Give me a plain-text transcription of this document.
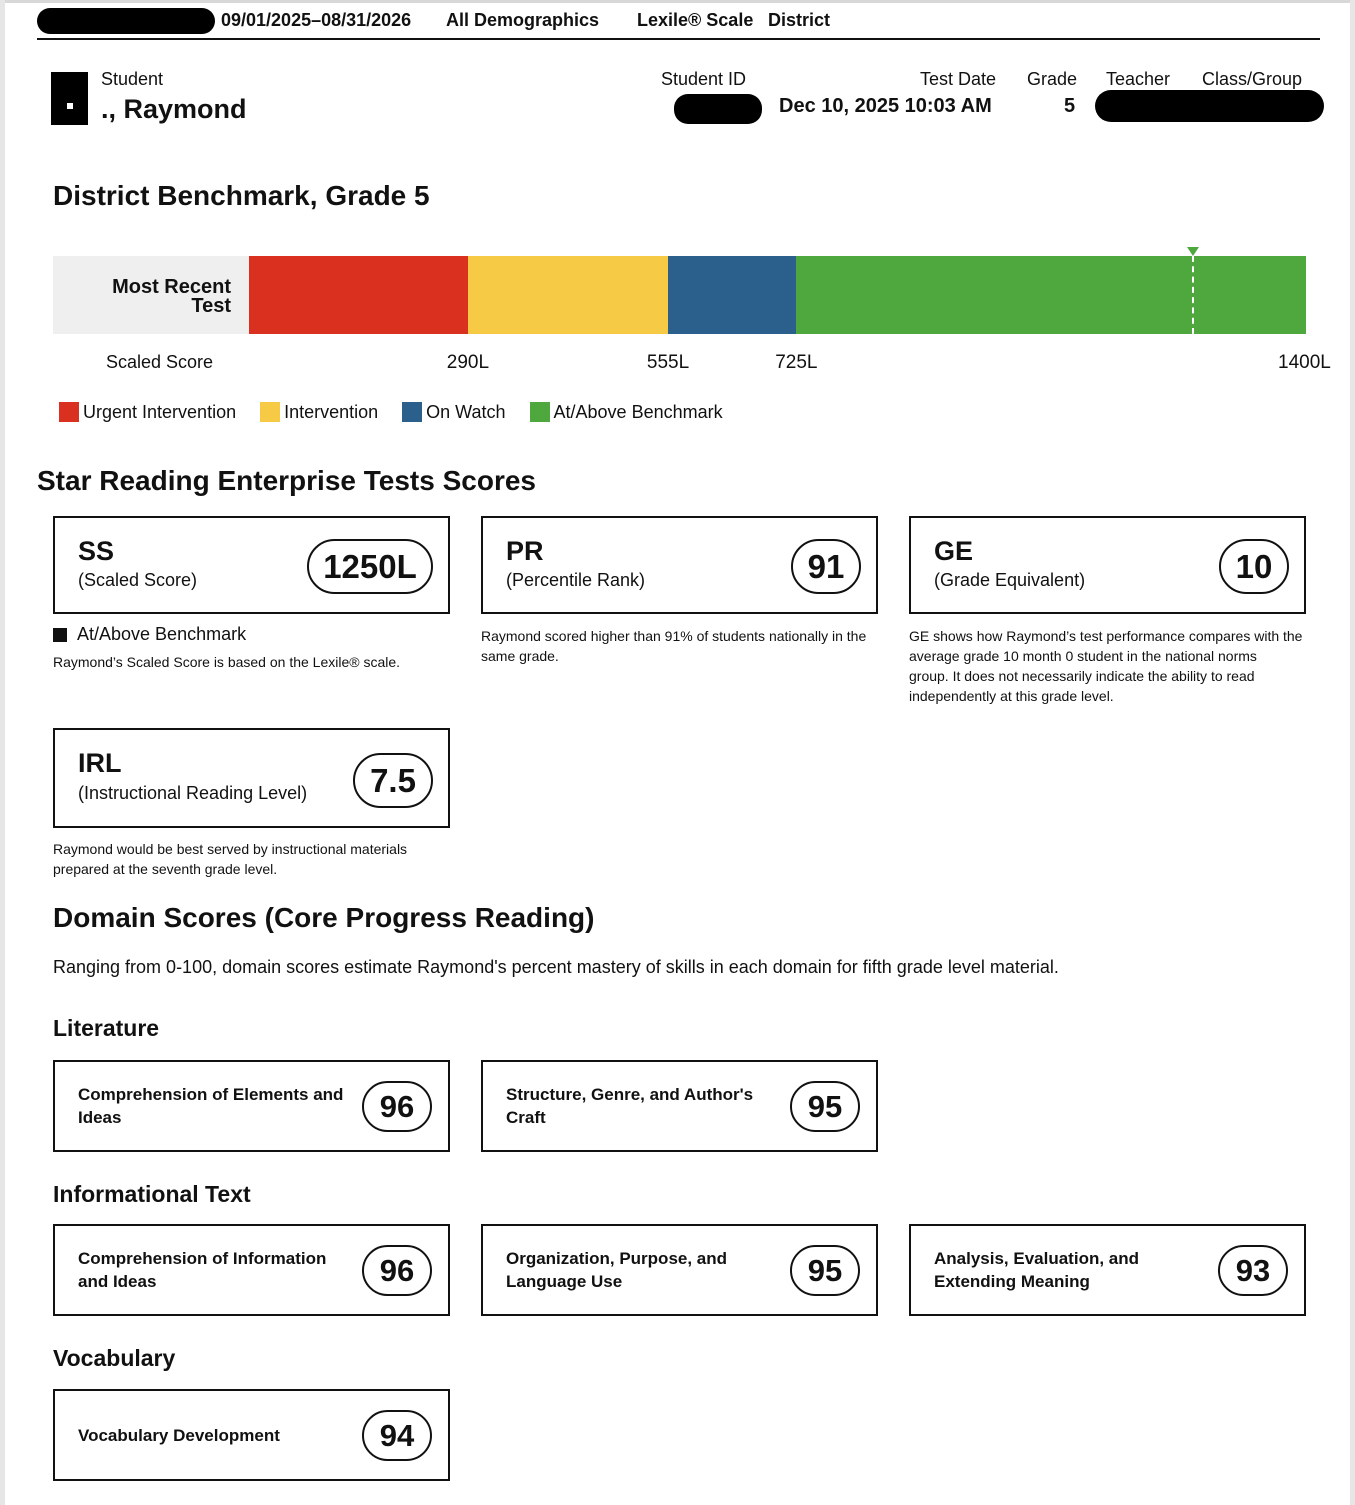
09/01/2025–08/31/2026 All Demographics Lexile® Scale District
Student
., Raymond
Student ID	Test Date
Dec 10, 2025 10:03 AM
Grade
5
Teacher Class/Group
District Benchmark, Grade 5
Most Recent
Test
Scaled Score	290L	555L	725L	1400L
Urgent Intervention	Intervention	On Watch	At/Above Benchmark
Star Reading Enterprise Tests Scores
SS
(Scaled Score)	1250L
At/Above Benchmark
Raymond’s Scaled Score is based on the Lexile® scale.
PR
(Percentile Rank)	91
Raymond scored higher than 91% of students nationally in the
same grade.
GE
(Grade Equivalent)	10
GE shows how Raymond’s test performance compares with the
average grade 10 month 0 student in the national norms
group. It does not necessarily indicate the ability to read
independently at this grade level.
IRL
(Instructional Reading Level)	7.5
Raymond would be best served by instructional materials
prepared at the seventh grade level.
Domain Scores (Core Progress Reading)
Ranging from 0-100, domain scores estimate Raymond's percent mastery of skills in each domain for fifth grade level material.
Literature
Comprehension of Elements and
Ideas	96	Structure, Genre, and Author's
Craft	95
Informational Text
Comprehension of Information
and Ideas	96	Organization, Purpose, and
Language Use	95	Analysis, Evaluation, and
Extending Meaning	93
Vocabulary
Vocabulary Development	94
